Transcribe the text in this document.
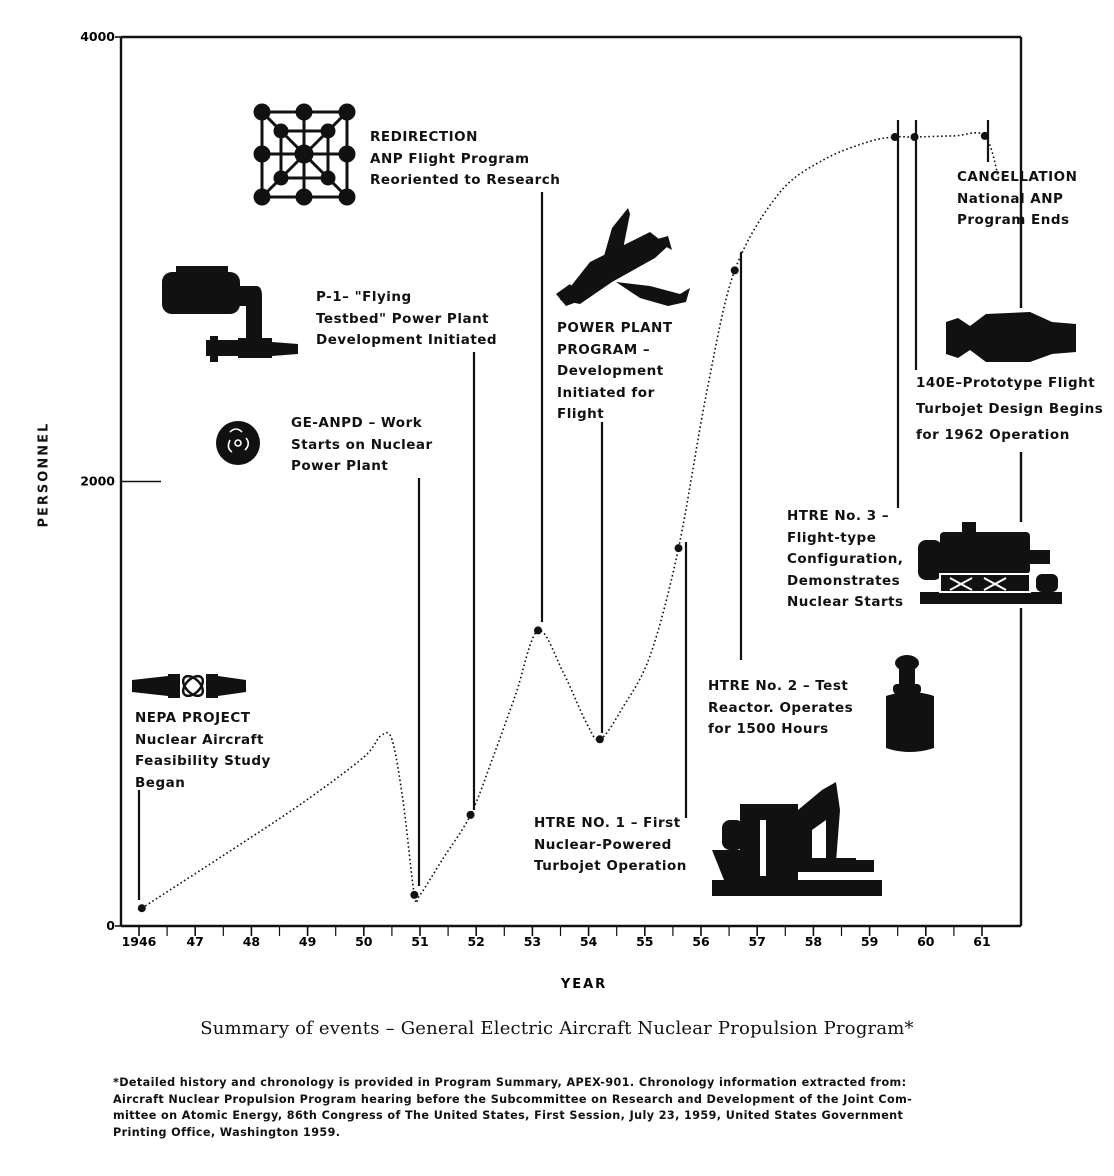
1946 47	48	49	50	51	52	53	54	55	56	57	58	59	60	61
YEAR
0
2000
4000
PERSONNEL
NEPA PROJECT
Nuclear Aircraft
Feasibility Study
Began
GE-ANPD – Work
Starts on Nuclear
Power Plant
P-1– "Flying
Testbed" Power Plant
Development Initiated
REDIRECTION
ANP Flight Program
Reoriented to Research
POWER PLANT
PROGRAM –
Development
Initiated for
Flight
HTRE NO. 1 – First
Nuclear-Powered
Turbojet Operation
HTRE No. 2 – Test
Reactor. Operates
for 1500 Hours
HTRE No. 3 –
Flight-type
Configuration,
Demonstrates
Nuclear Starts
140E–Prototype Flight
Turbojet Design Begins
for 1962 Operation
CANCELLATION
National ANP
Program Ends
Summary of events – General Electric Aircraft Nuclear Propulsion Program*
*Detailed history and chronology is provided in Program Summary, APEX-901. Chronology information extracted from:
Aircraft Nuclear Propulsion Program hearing before the Subcommittee on Research and Development of the Joint Com-
mittee on Atomic Energy, 86th Congress of The United States, First Session, July 23, 1959, United States Government
Printing Office, Washington 1959.
